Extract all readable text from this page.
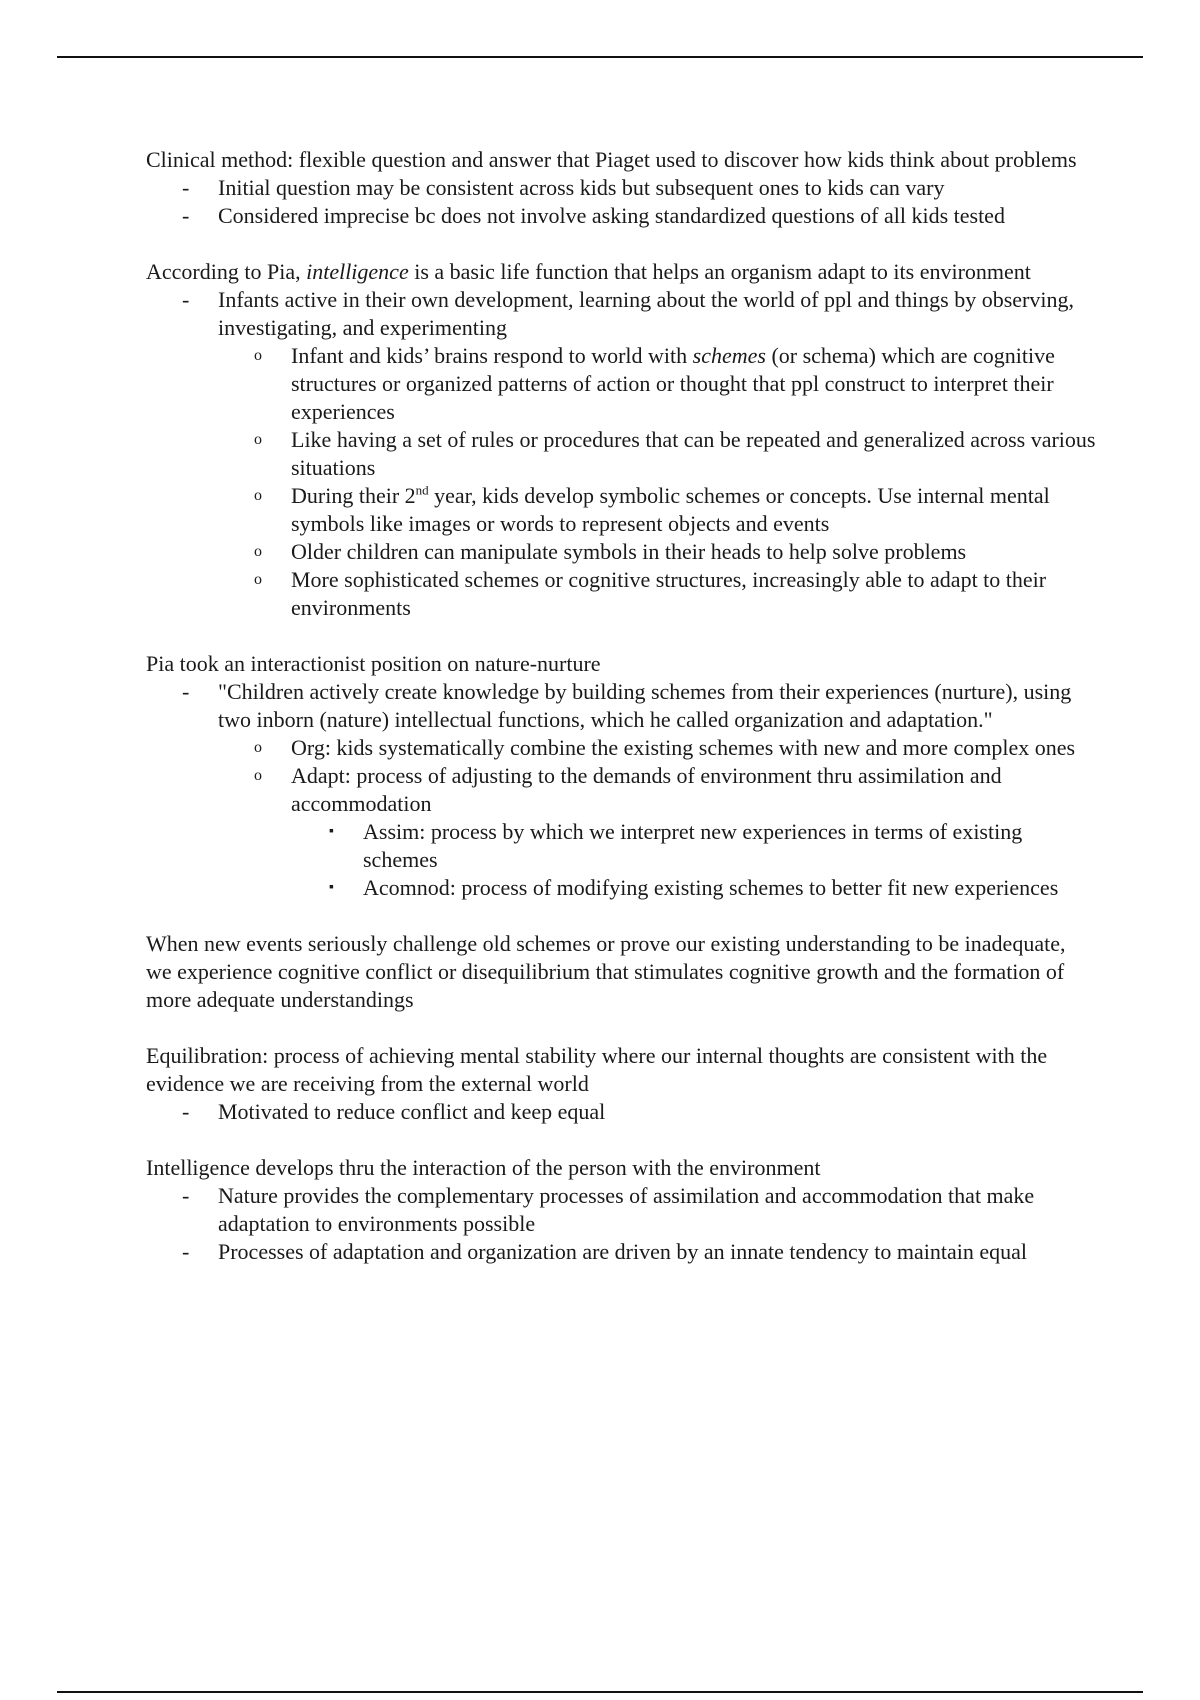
Clinical method: flexible question and answer that Piaget used to discover how kids think about problems

- Initial question may be consistent across kids but subsequent ones to kids can vary
- Considered imprecise bc does not involve asking standardized questions of all kids tested

According to Pia, intelligence is a basic life function that helps an organism adapt to its environment

- Infants active in their own development, learning about the world of ppl and things by observing, investigating, and experimenting
o Infant and kids’ brains respond to world with schemes (or schema) which are cognitive structures or organized patterns of action or thought that ppl construct to interpret their experiences
o Like having a set of rules or procedures that can be repeated and generalized across various situations
o During their 2nd year, kids develop symbolic schemes or concepts. Use internal mental symbols like images or words to represent objects and events
o Older children can manipulate symbols in their heads to help solve problems
o More sophisticated schemes or cognitive structures, increasingly able to adapt to their environments

Pia took an interactionist position on nature-nurture

- "Children actively create knowledge by building schemes from their experiences (nurture), using two inborn (nature) intellectual functions, which he called organization and adaptation."
o Org: kids systematically combine the existing schemes with new and more complex ones
o Adapt: process of adjusting to the demands of environment thru assimilation and accommodation
▪ Assim: process by which we interpret new experiences in terms of existing schemes
▪ Acomnod: process of modifying existing schemes to better fit new experiences

When new events seriously challenge old schemes or prove our existing understanding to be inadequate, we experience cognitive conflict or disequilibrium that stimulates cognitive growth and the formation of more adequate understandings

Equilibration: process of achieving mental stability where our internal thoughts are consistent with the evidence we are receiving from the external world

- Motivated to reduce conflict and keep equal

Intelligence develops thru the interaction of the person with the environment

- Nature provides the complementary processes of assimilation and accommodation that make adaptation to environments possible
- Processes of adaptation and organization are driven by an innate tendency to maintain equal
